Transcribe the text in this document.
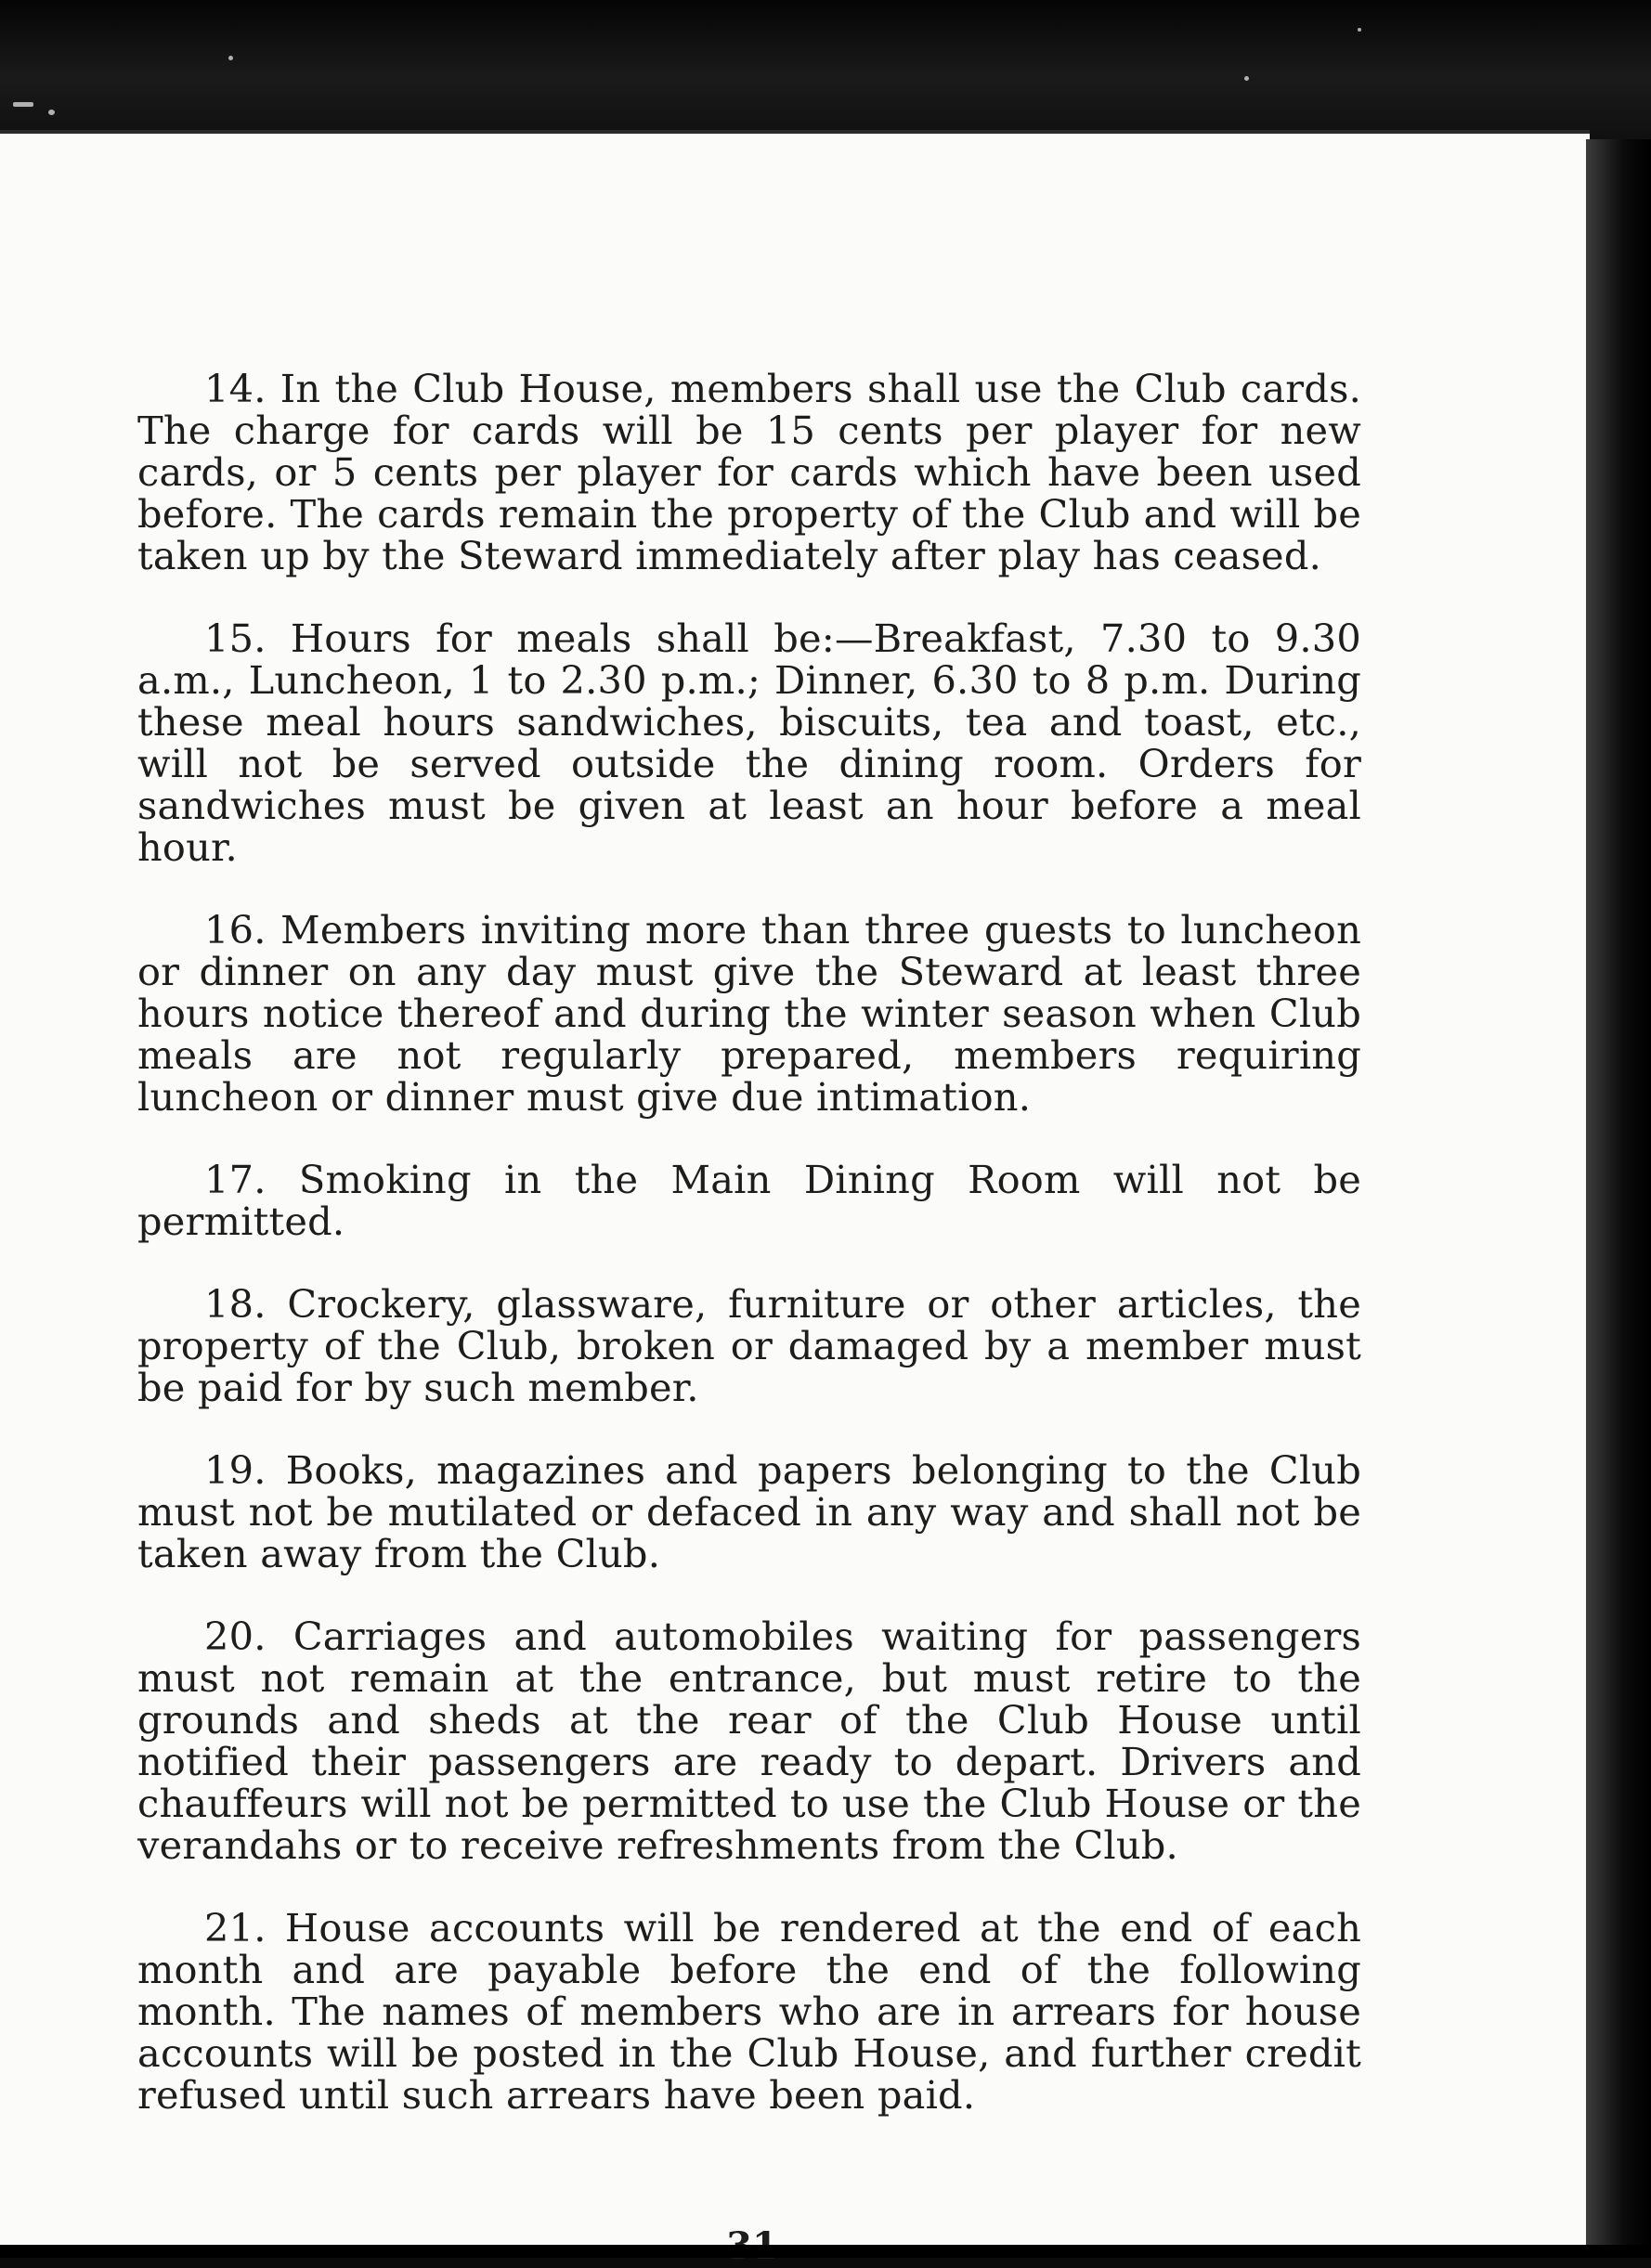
14. In the Club House, members shall use the Club cards. The charge for cards will be 15 cents per player for new cards, or 5 cents per player for cards which have been used before. The cards remain the property of the Club and will be taken up by the Steward immediately after play has ceased.

15. Hours for meals shall be:—Breakfast, 7.30 to 9.30 a.m., Luncheon, 1 to 2.30 p.m.; Dinner, 6.30 to 8 p.m. During these meal hours sandwiches, biscuits, tea and toast, etc., will not be served outside the dining room. Orders for sandwiches must be given at least an hour before a meal hour.

16. Members inviting more than three guests to luncheon or dinner on any day must give the Steward at least three hours notice thereof and during the winter season when Club meals are not regularly prepared, members requiring luncheon or dinner must give due intimation.

17. Smoking in the Main Dining Room will not be permitted.

18. Crockery, glassware, furniture or other articles, the property of the Club, broken or damaged by a member must be paid for by such member.

19. Books, magazines and papers belonging to the Club must not be mutilated or defaced in any way and shall not be taken away from the Club.

20. Carriages and automobiles waiting for passengers must not remain at the entrance, but must retire to the grounds and sheds at the rear of the Club House until notified their passengers are ready to depart. Drivers and chauffeurs will not be permitted to use the Club House or the verandahs or to receive refreshments from the Club.

21. House accounts will be rendered at the end of each month and are payable before the end of the following month. The names of members who are in arrears for house accounts will be posted in the Club House, and further credit refused until such arrears have been paid.
